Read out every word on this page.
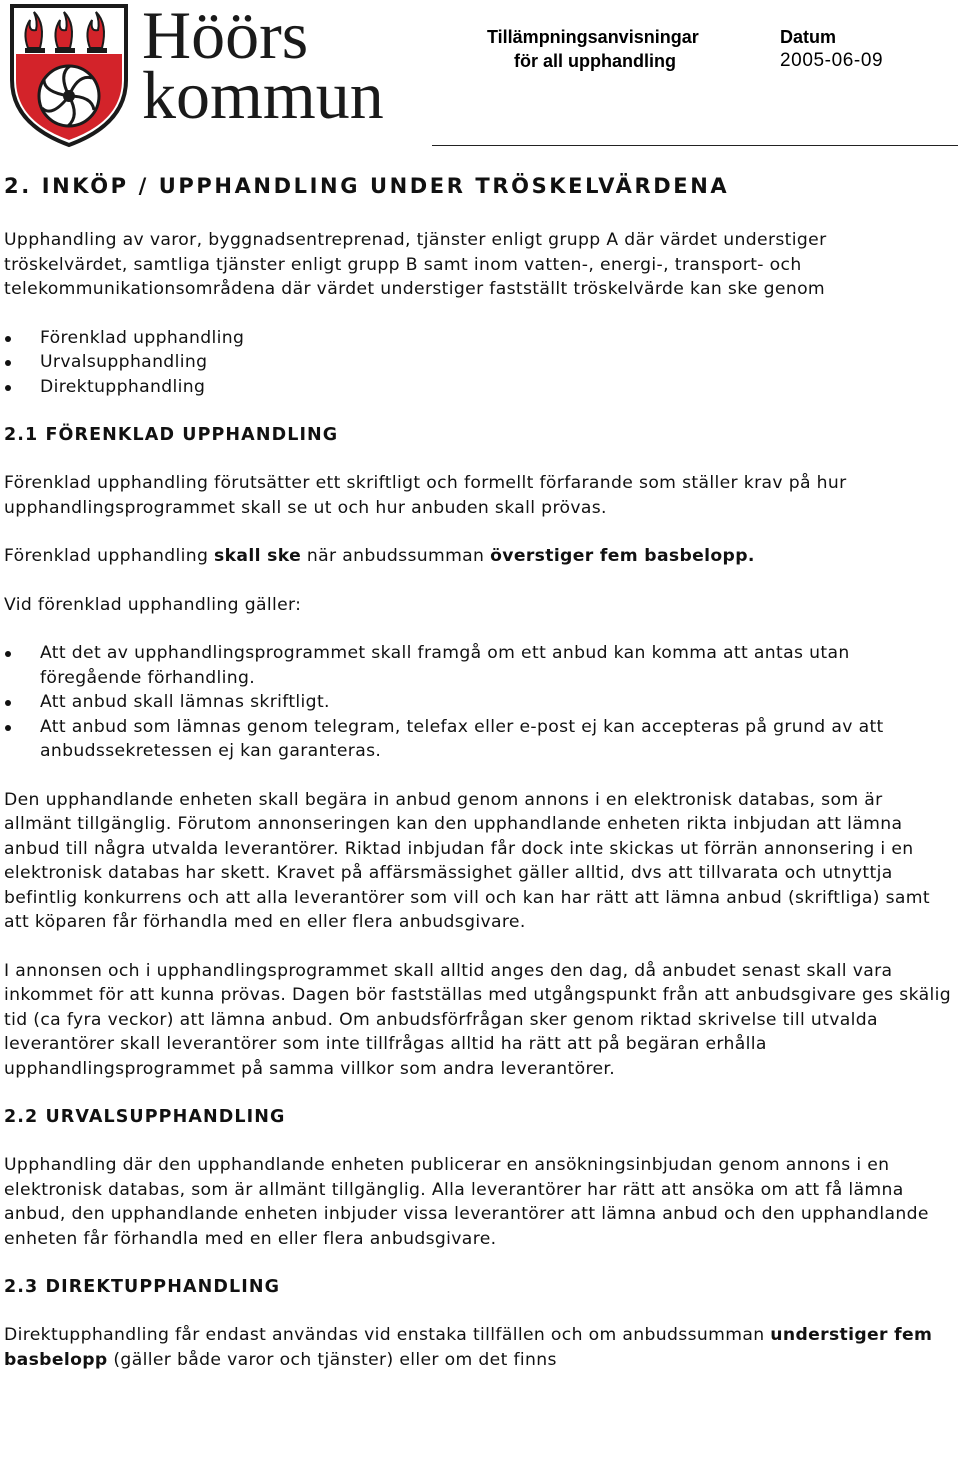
Höörs
kommun
Tillämpningsanvisningar
för all upphandling
Datum
2005-06-09
2. INKÖP / UPPHANDLING UNDER TRÖSKELVÄRDENA

Upphandling av varor, byggnadsentreprenad, tjänster enligt grupp A där värdet understiger tröskelvärdet, samtliga tjänster enligt grupp B samt inom vatten-, energi-, transport- och telekommunikationsområdena där värdet understiger fastställt tröskelvärde kan ske genom

Förenklad upphandling
Urvalsupphandling
Direktupphandling
2.1 FÖRENKLAD UPPHANDLING

Förenklad upphandling förutsätter ett skriftligt och formellt förfarande som ställer krav på hur upphandlingsprogrammet skall se ut och hur anbuden skall prövas.

Förenklad upphandling skall ske när anbudssumman överstiger fem basbelopp.

Vid förenklad upphandling gäller:

Att det av upphandlingsprogrammet skall framgå om ett anbud kan komma att antas utan föregående förhandling.
Att anbud skall lämnas skriftligt.
Att anbud som lämnas genom telegram, telefax eller e-post ej kan accepteras på grund av att anbudssekretessen ej kan garanteras.

Den upphandlande enheten skall begära in anbud genom annons i en elektronisk databas, som är allmänt tillgänglig. Förutom annonseringen kan den upphandlande enheten rikta inbjudan att lämna anbud till några utvalda leverantörer. Riktad inbjudan får dock inte skickas ut förrän annonsering i en elektronisk databas har skett. Kravet på affärsmässighet gäller alltid, dvs att tillvarata och utnyttja befintlig konkurrens och att alla leverantörer som vill och kan har rätt att lämna anbud (skriftliga) samt att köparen får förhandla med en eller flera anbudsgivare.

I annonsen och i upphandlingsprogrammet skall alltid anges den dag, då anbudet senast skall vara inkommet för att kunna prövas. Dagen bör fastställas med utgångspunkt från att anbudsgivare ges skälig tid (ca fyra veckor) att lämna anbud. Om anbudsförfrågan sker genom riktad skrivelse till utvalda leverantörer skall leverantörer som inte tillfrågas alltid ha rätt att på begäran erhålla upphandlingsprogrammet på samma villkor som andra leverantörer.

2.2 URVALSUPPHANDLING

Upphandling där den upphandlande enheten publicerar en ansökningsinbjudan genom annons i en elektronisk databas, som är allmänt tillgänglig. Alla leverantörer har rätt att ansöka om att få lämna anbud, den upphandlande enheten inbjuder vissa leverantörer att lämna anbud och den upphandlande enheten får förhandla med en eller flera anbudsgivare.

2.3 DIREKTUPPHANDLING

Direktupphandling får endast användas vid enstaka tillfällen och om anbudssumman understiger fem basbelopp (gäller både varor och tjänster) eller om det finns
